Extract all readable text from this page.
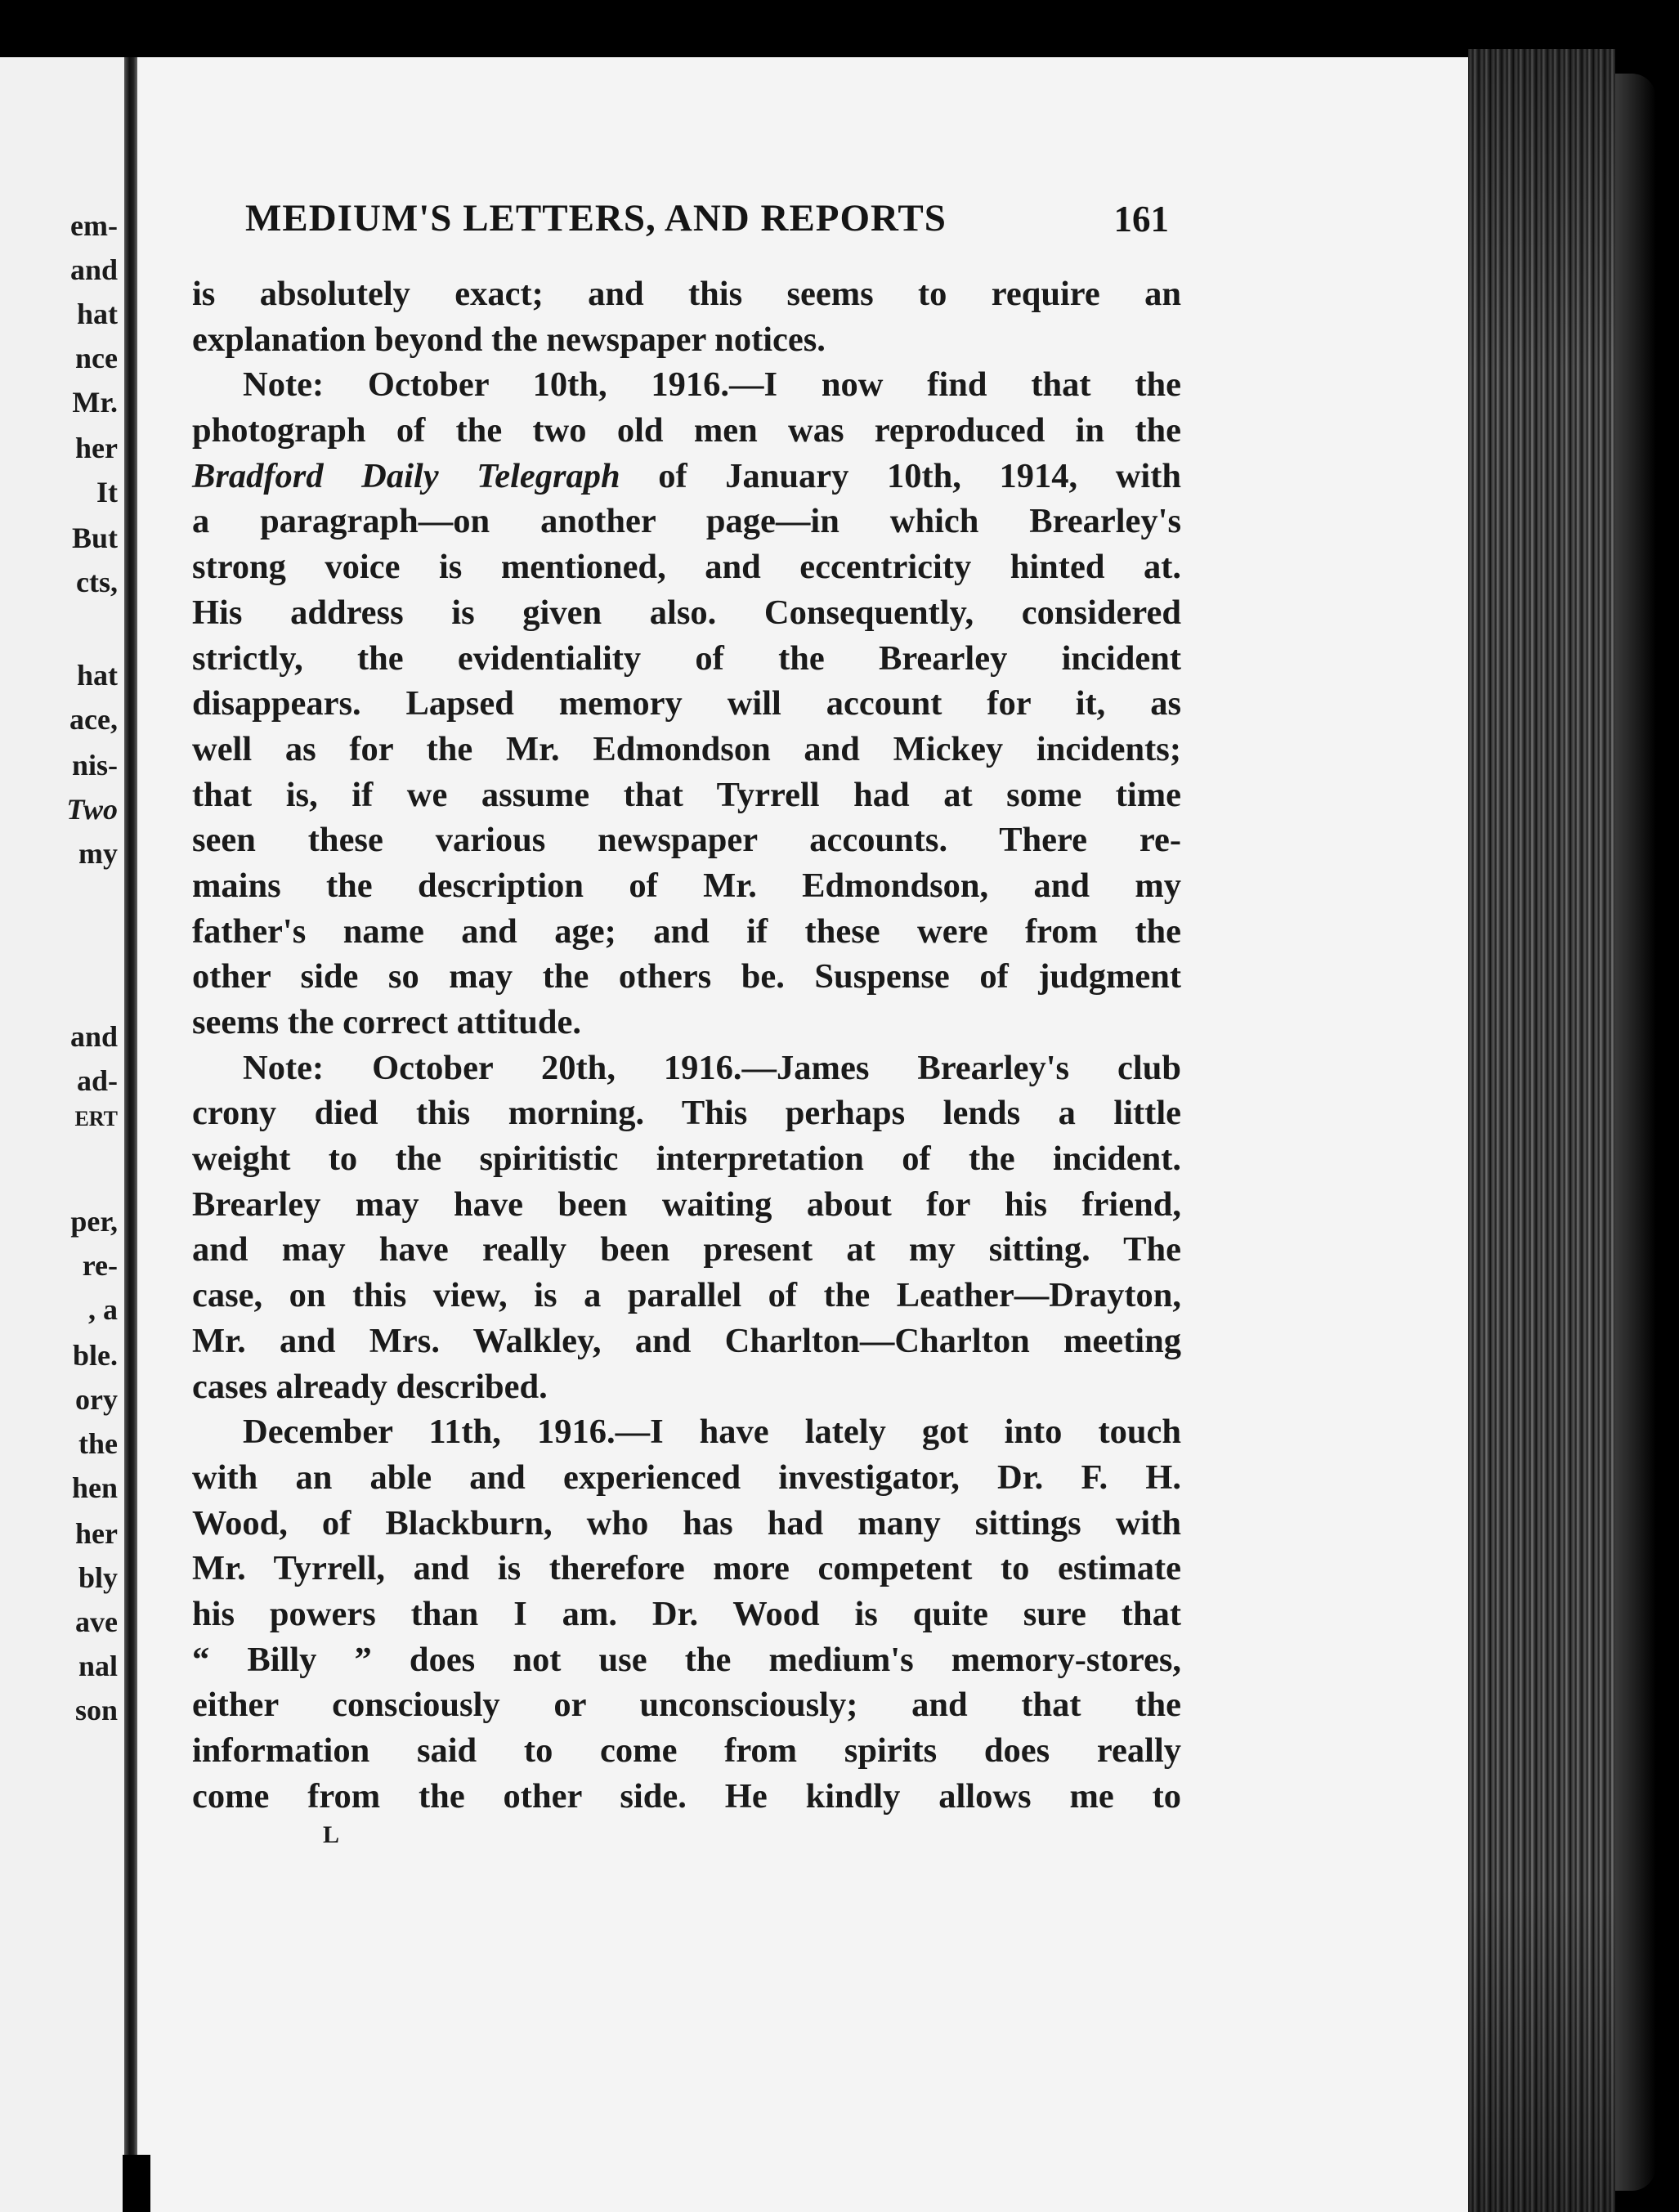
em-
and
hat
nce
Mr.
her
It
But
cts,
hat
ace,
nis-
Two
my
and
ad-
ERT
per,
re-
, a
ble.
ory
the
hen
her
bly
ave
nal
son
MEDIUM'S LETTERS, AND REPORTS	161
is absolutely exact; and this seems to require an
explanation beyond the newspaper notices.
Note: October 10th, 1916.—I now find that the
photograph of the two old men was reproduced in the
Bradford Daily Telegraph of January 10th, 1914, with
a paragraph—on another page—in which Brearley's
strong voice is mentioned, and eccentricity hinted at.
His address is given also. Consequently, considered
strictly, the evidentiality of the Brearley incident
disappears. Lapsed memory will account for it, as
well as for the Mr. Edmondson and Mickey incidents;
that is, if we assume that Tyrrell had at some time
seen these various newspaper accounts. There re-
mains the description of Mr. Edmondson, and my
father's name and age; and if these were from the
other side so may the others be. Suspense of judgment
seems the correct attitude.
Note: October 20th, 1916.—James Brearley's club
crony died this morning. This perhaps lends a little
weight to the spiritistic interpretation of the incident.
Brearley may have been waiting about for his friend,
and may have really been present at my sitting. The
case, on this view, is a parallel of the Leather—Drayton,
Mr. and Mrs. Walkley, and Charlton—Charlton meeting
cases already described.
December 11th, 1916.—I have lately got into touch
with an able and experienced investigator, Dr. F. H.
Wood, of Blackburn, who has had many sittings with
Mr. Tyrrell, and is therefore more competent to estimate
his powers than I am. Dr. Wood is quite sure that
“ Billy ” does not use the medium's memory-stores,
either consciously or unconsciously; and that the
information said to come from spirits does really
come from the other side. He kindly allows me to
L
